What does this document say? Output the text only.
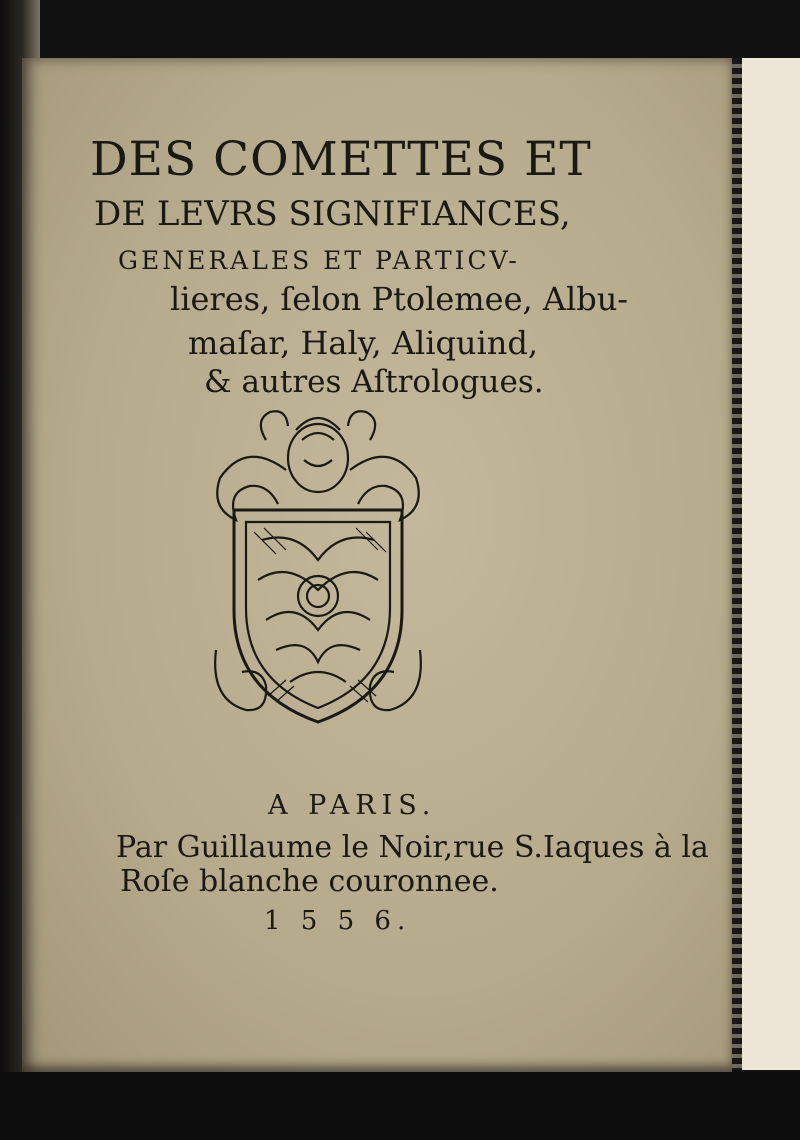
DES COMETTES ET
DE LEVRS SIGNIFIANCES,
GENERALES ET PARTICV-
lieres, ſelon Ptolemee, Albu-
maſar, Haly, Aliquind,
& autres Aſtrologues.
A PARIS.
Par Guillaume le Noir,rue S.Iaques à la
Roſe blanche couronnee.
1 5 5 6.
